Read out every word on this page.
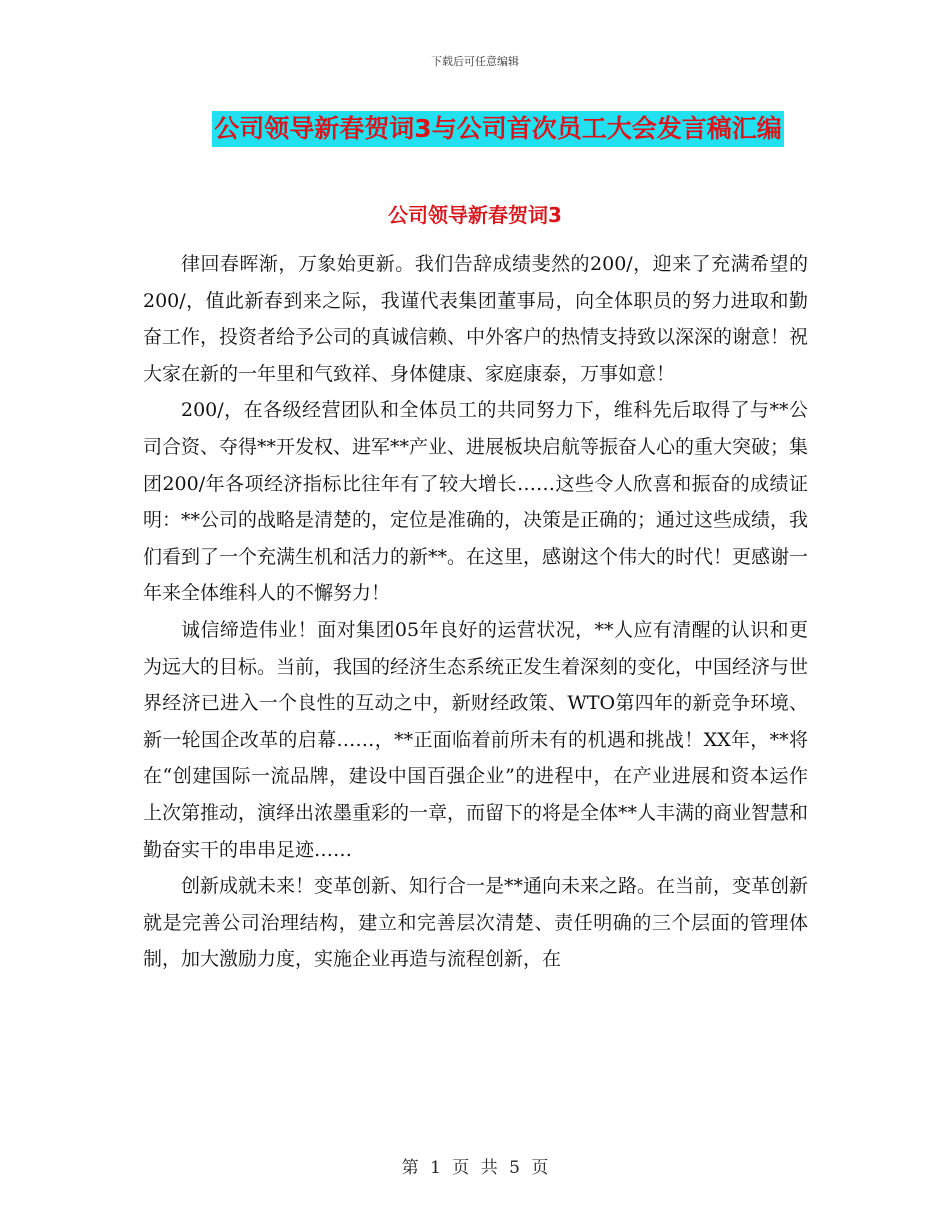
下载后可任意编辑
公司领导新春贺词3与公司首次员工大会发言稿汇编
公司领导新春贺词3

律回春晖渐，万象始更新。我们告辞成绩斐然的200/，迎来了充满希望的200/，值此新春到来之际，我谨代表集团董事局，向全体职员的努力进取和勤奋工作，投资者给予公司的真诚信赖、中外客户的热情支持致以深深的谢意！祝大家在新的一年里和气致祥、身体健康、家庭康泰，万事如意！

200/，在各级经营团队和全体员工的共同努力下，维科先后取得了与**公司合资、夺得**开发权、进军**产业、进展板块启航等振奋人心的重大突破；集团200/年各项经济指标比往年有了较大增长……这些令人欣喜和振奋的成绩证明：**公司的战略是清楚的，定位是准确的，决策是正确的；通过这些成绩，我们看到了一个充满生机和活力的新**。在这里，感谢这个伟大的时代！更感谢一年来全体维科人的不懈努力！

诚信缔造伟业！面对集团05年良好的运营状况，**人应有清醒的认识和更为远大的目标。当前，我国的经济生态系统正发生着深刻的变化，中国经济与世界经济已进入一个良性的互动之中，新财经政策、WTO第四年的新竞争环境、新一轮国企改革的启幕……，**正面临着前所未有的机遇和挑战！XX年，**将在“创建国际一流品牌，建设中国百强企业”的进程中，在产业进展和资本运作上次第推动，演绎出浓墨重彩的一章，而留下的将是全体**人丰满的商业智慧和勤奋实干的串串足迹……

创新成就未来！变革创新、知行合一是**通向未来之路。在当前，变革创新就是完善公司治理结构，建立和完善层次清楚、责任明确的三个层面的管理体制，加大激励力度，实施企业再造与流程创新，在

第 1 页 共 5 页
